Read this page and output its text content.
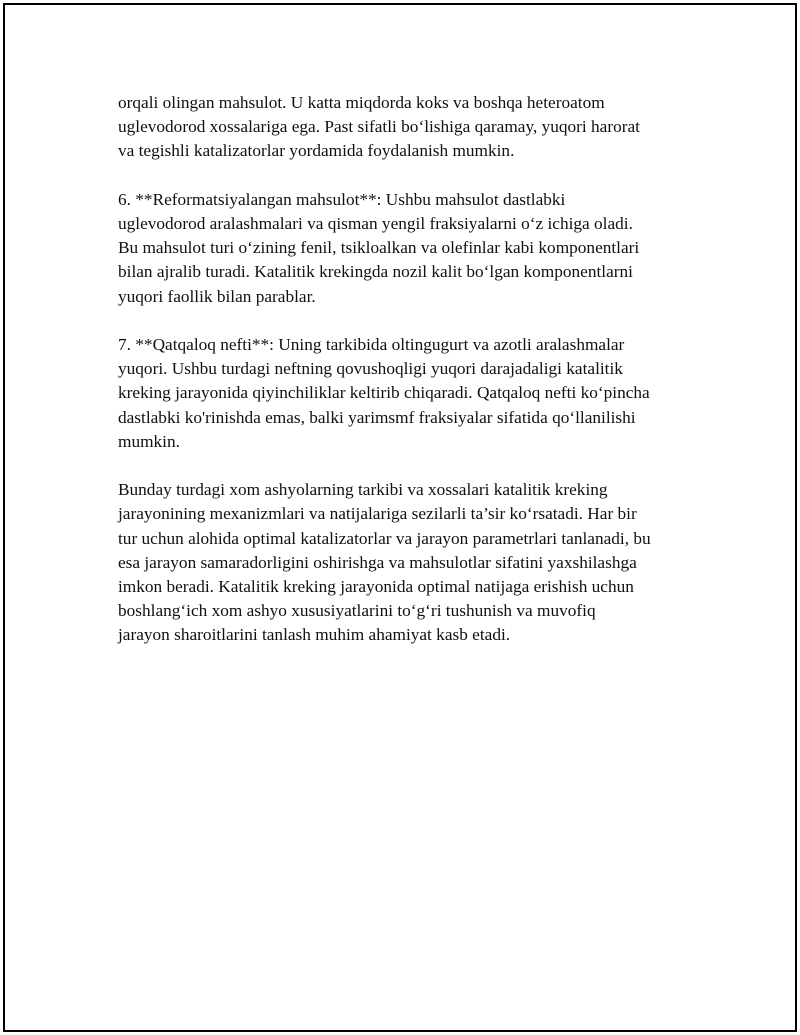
orqali olingan mahsulot. U katta miqdorda koks va boshqa heteroatom
uglevodorod xossalariga ega. Past sifatli bo‘lishiga qaramay, yuqori harorat
va tegishli katalizatorlar yordamida foydalanish mumkin.

6. **Reformatsiyalangan mahsulot**: Ushbu mahsulot dastlabki
uglevodorod aralashmalari va qisman yengil fraksiyalarni o‘z ichiga oladi.
Bu mahsulot turi o‘zining fenil, tsikloalkan va olefinlar kabi komponentlari
bilan ajralib turadi. Katalitik krekingda nozil kalit bo‘lgan komponentlarni
yuqori faollik bilan parablar.

7. **Qatqaloq nefti**: Uning tarkibida oltingugurt va azotli aralashmalar
yuqori. Ushbu turdagi neftning qovushoqligi yuqori darajadaligi katalitik
kreking jarayonida qiyinchiliklar keltirib chiqaradi. Qatqaloq nefti ko‘pincha
dastlabki ko'rinishda emas, balki yarimsmf fraksiyalar sifatida qo‘llanilishi
mumkin.

Bunday turdagi xom ashyolarning tarkibi va xossalari katalitik kreking
jarayonining mexanizmlari va natijalariga sezilarli ta’sir ko‘rsatadi. Har bir
tur uchun alohida optimal katalizatorlar va jarayon parametrlari tanlanadi, bu
esa jarayon samaradorligini oshirishga va mahsulotlar sifatini yaxshilashga
imkon beradi. Katalitik kreking jarayonida optimal natijaga erishish uchun
boshlang‘ich xom ashyo xususiyatlarini to‘g‘ri tushunish va muvofiq
jarayon sharoitlarini tanlash muhim ahamiyat kasb etadi.
